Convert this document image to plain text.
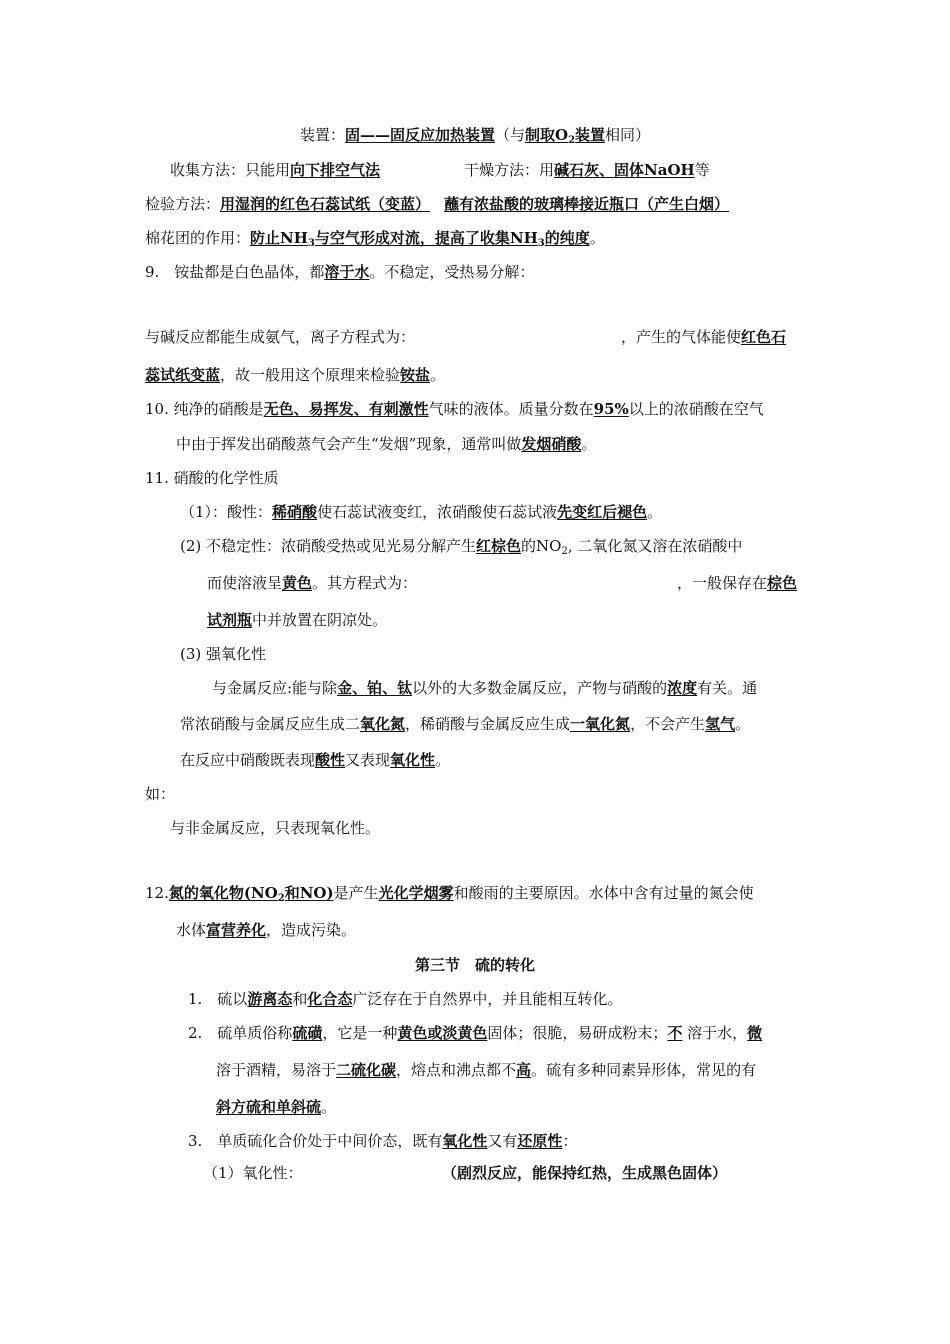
装置：固——固反应加热装置（与制取$O_2$装置相同）
收集方法：只能用向下排空气法	干燥方法：用碱石灰、固体NaOH等
检验方法：用湿润的红色石蕊试纸（变蓝） 蘸有浓盐酸的玻璃棒接近瓶口（产生白烟）
棉花团的作用：防止$NH_3$与空气形成对流，提高了收集$NH_3$的纯度。
9.　铵盐都是白色晶体，都溶于水。不稳定，受热易分解：
与碱反应都能生成氨气，离子方程式为：	，产生的气体能使红色石
蕊试纸变蓝，故一般用这个原理来检验铵盐。
10. 纯净的硝酸是无色、易挥发、有刺激性气味的液体。质量分数在95%以上的浓硝酸在空气
中由于挥发出硝酸蒸气会产生“发烟”现象，通常叫做发烟硝酸。
11. 硝酸的化学性质
（1）：酸性：稀硝酸使石蕊试液变红，浓硝酸使石蕊试液先变红后褪色。
(2) 不稳定性：浓硝酸受热或见光易分解产生红棕色的$NO_2$, 二氧化氮又溶在浓硝酸中
而使溶液呈黄色。其方程式为：	，一般保存在棕色
试剂瓶中并放置在阴凉处。
(3) 强氧化性
与金属反应:能与除金、铂、钛以外的大多数金属反应，产物与硝酸的浓度有关。通
常浓硝酸与金属反应生成二氧化氮，稀硝酸与金属反应生成一氧化氮，不会产生氢气。
在反应中硝酸既表现酸性又表现氧化性。
如：
与非金属反应，只表现氧化性。
12.氮的氧化物($NO_2$和NO)是产生光化学烟雾和酸雨的主要原因。水体中含有过量的氮会使
水体富营养化，造成污染。
第三节　硫的转化
1.　硫以游离态和化合态广泛存在于自然界中，并且能相互转化。
2.　硫单质俗称硫磺，它是一种黄色或淡黄色固体；很脆，易研成粉末；不 溶于水，微
溶于酒精，易溶于二硫化碳，熔点和沸点都不高。硫有多种同素异形体，常见的有
斜方硫和单斜硫。
3.　单质硫化合价处于中间价态，既有氧化性又有还原性：
（1）氧化性：	（剧烈反应，能保持红热，生成黑色固体）
